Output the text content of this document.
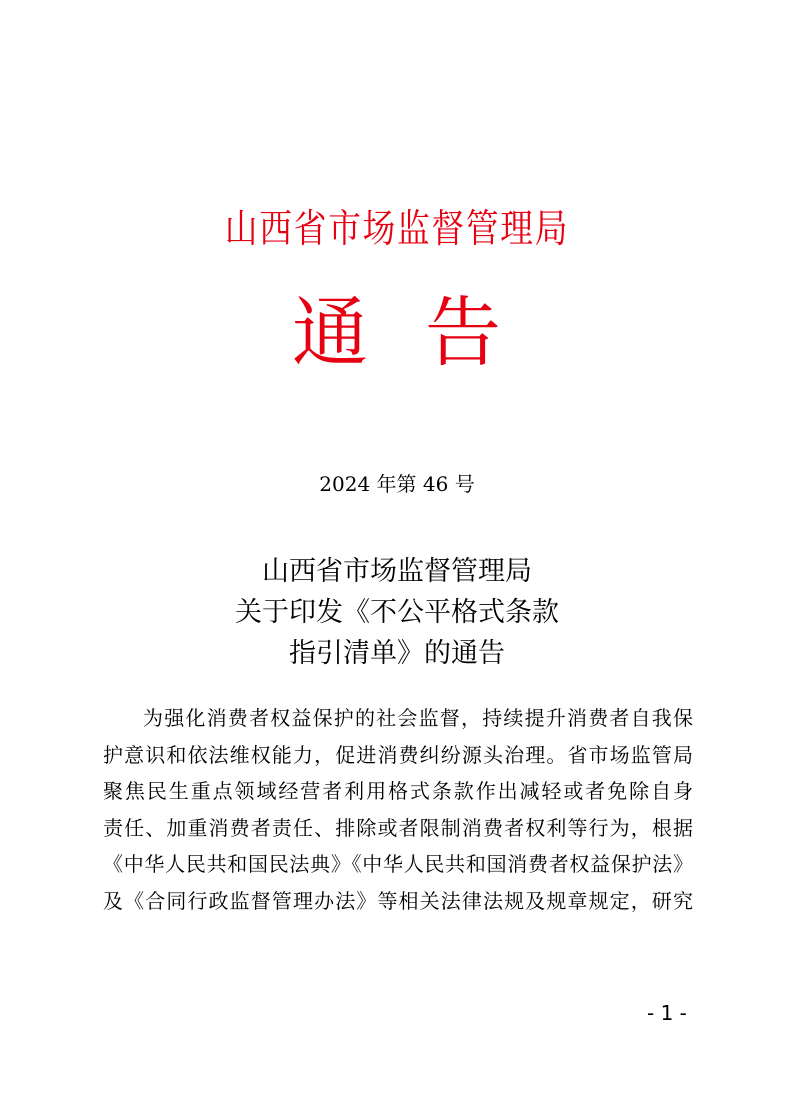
山西省市场监督管理局
通 告
2024 年第 46 号
山西省市场监督管理局
关于印发《不公平格式条款
指引清单》的通告
为强化消费者权益保护的社会监督，持续提升消费者自我保
护意识和依法维权能力，促进消费纠纷源头治理。省市场监管局
聚焦民生重点领域经营者利用格式条款作出减轻或者免除自身
责任、加重消费者责任、排除或者限制消费者权利等行为，根据
《中华人民共和国民法典》《中华人民共和国消费者权益保护法》
及《合同行政监督管理办法》等相关法律法规及规章规定，研究
- 1 -
